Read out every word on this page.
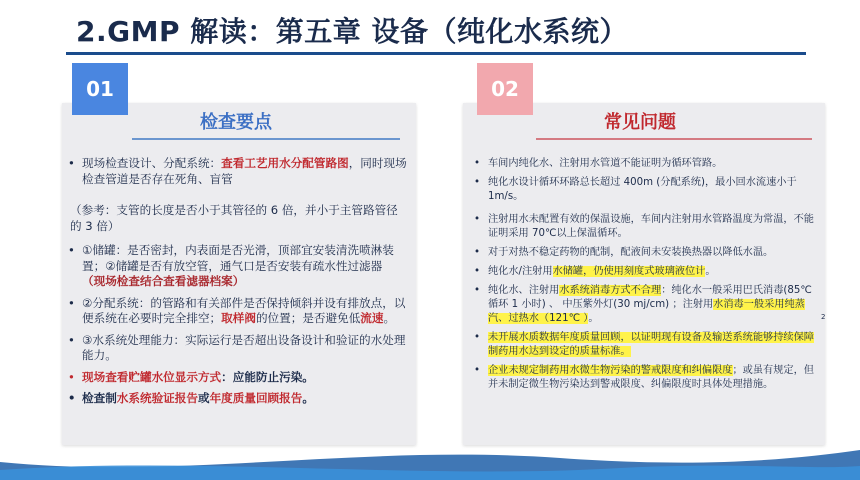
2.GMP 解读：第五章 设备（纯化水系统）
01
检查要点
• 现场检查设计、分配系统：查看工艺用水分配管路图，同时现场检查管道是否存在死角、盲管
（参考：支管的长度是否小于其管径的 6 倍，并小于主管路管径的 3 倍）
• ①储罐：是否密封，内表面是否光滑，顶部宜安装清洗喷淋装置；②储罐是否有放空管，通气口是否安装有疏水性过滤器 （现场检查结合查看滤器档案）
• ②分配系统：的管路和有关部件是否保持倾斜并设有排放点，以便系统在必要时完全排空；取样阀的位置；是否避免低流速。
• ③水系统处理能力：实际运行是否超出设备设计和验证的水处理能力。
• 现场查看贮罐水位显示方式：应能防止污染。
• 检查制水系统验证报告或年度质量回顾报告。
02
常见问题
• 车间内纯化水、注射用水管道不能证明为循环管路。
• 纯化水设计循环环路总长超过 400m (分配系统)，最小回水流速小于 1m/s。
• 注射用水未配置有效的保温设施，车间内注射用水管路温度为常温，不能证明采用 70℃以上保温循环。
• 对于对热不稳定药物的配制，配液间未安装换热器以降低水温。
• 纯化水/注射用水储罐，仍使用刻度式玻璃液位计。
• 纯化水、注射用水系统消毒方式不合理：纯化水一般采用巴氏消毒(85℃循环 1 小时) 、 中压紫外灯(30 mj/cm) ；注射用水消毒一般采用纯蒸汽、过热水（121℃ ）。
• 未开展水质数据年度质量回顾，以证明现有设备及输送系统能够持续保障制药用水达到设定的质量标准。
• 企业未规定制药用水微生物污染的警戒限度和纠偏限度；或虽有规定，但并未制定微生物污染达到警戒限度、纠偏限度时具体处理措施。
2
